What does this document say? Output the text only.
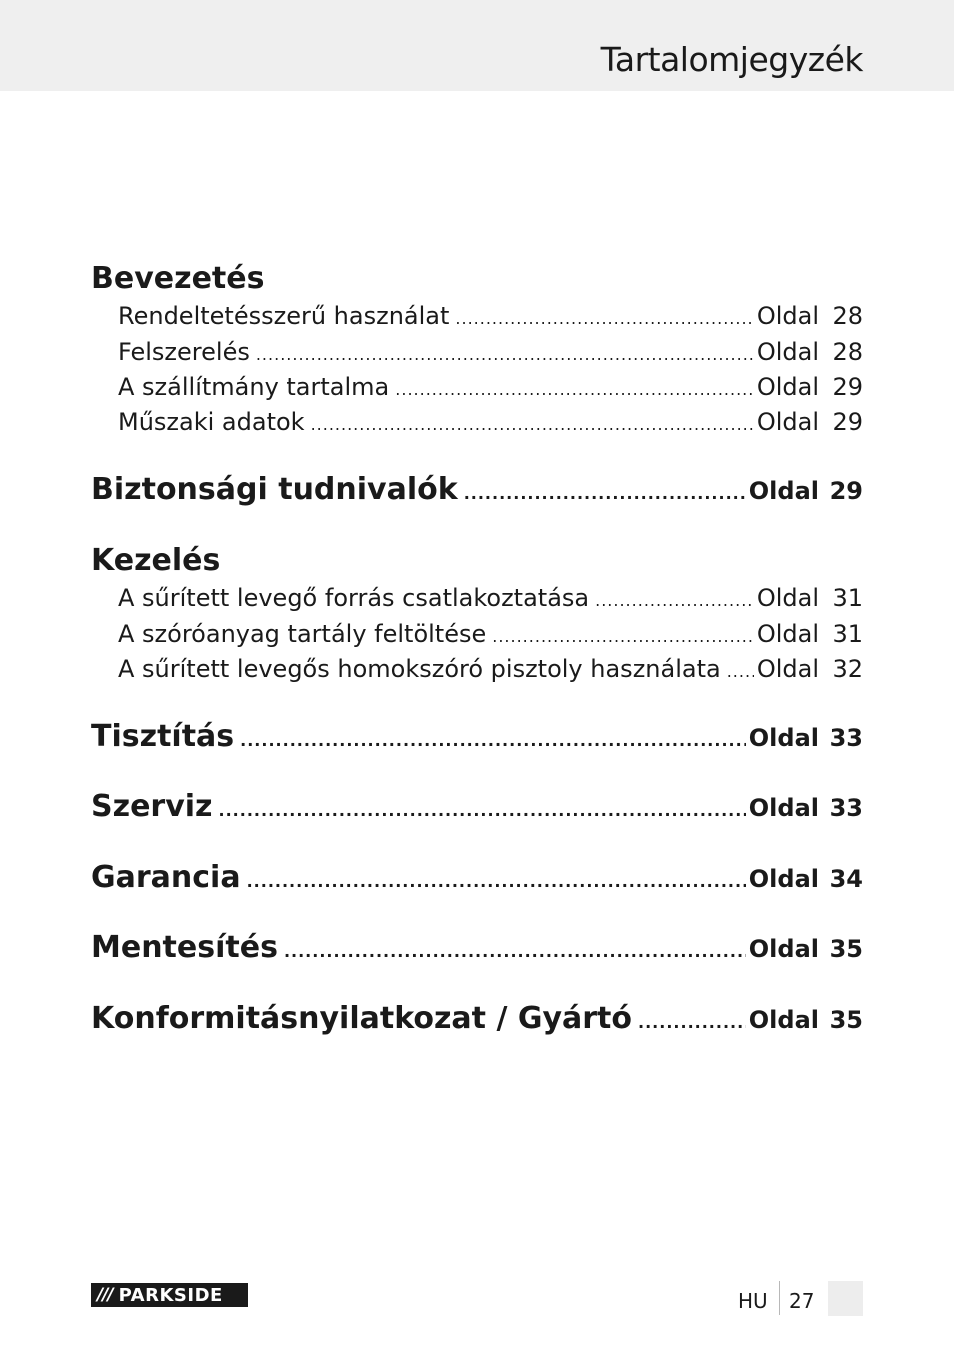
Tartalomjegyzék
Bevezetés
Rendeltetésszerű használat .....	Oldal 28
Felszerelés .....	Oldal 28
A szállítmány tartalma .....	Oldal 29
Műszaki adatok .....	Oldal 29
Biztonsági tudnivalók .....	Oldal 29
Kezelés
A sűrített levegő forrás csatlakoztatása .....	Oldal 31
A szóróanyag tartály feltöltése .....	Oldal 31
A sűrített levegős homokszóró pisztoly használata ..... Oldal 32
Tisztítás .....	Oldal 33
Szerviz .....	Oldal 33
Garancia .....	Oldal 34
Mentesítés .....	Oldal 35
Konformitásnyilatkozat / Gyártó .....	Oldal 35
/// PARKSIDE	HU 27
